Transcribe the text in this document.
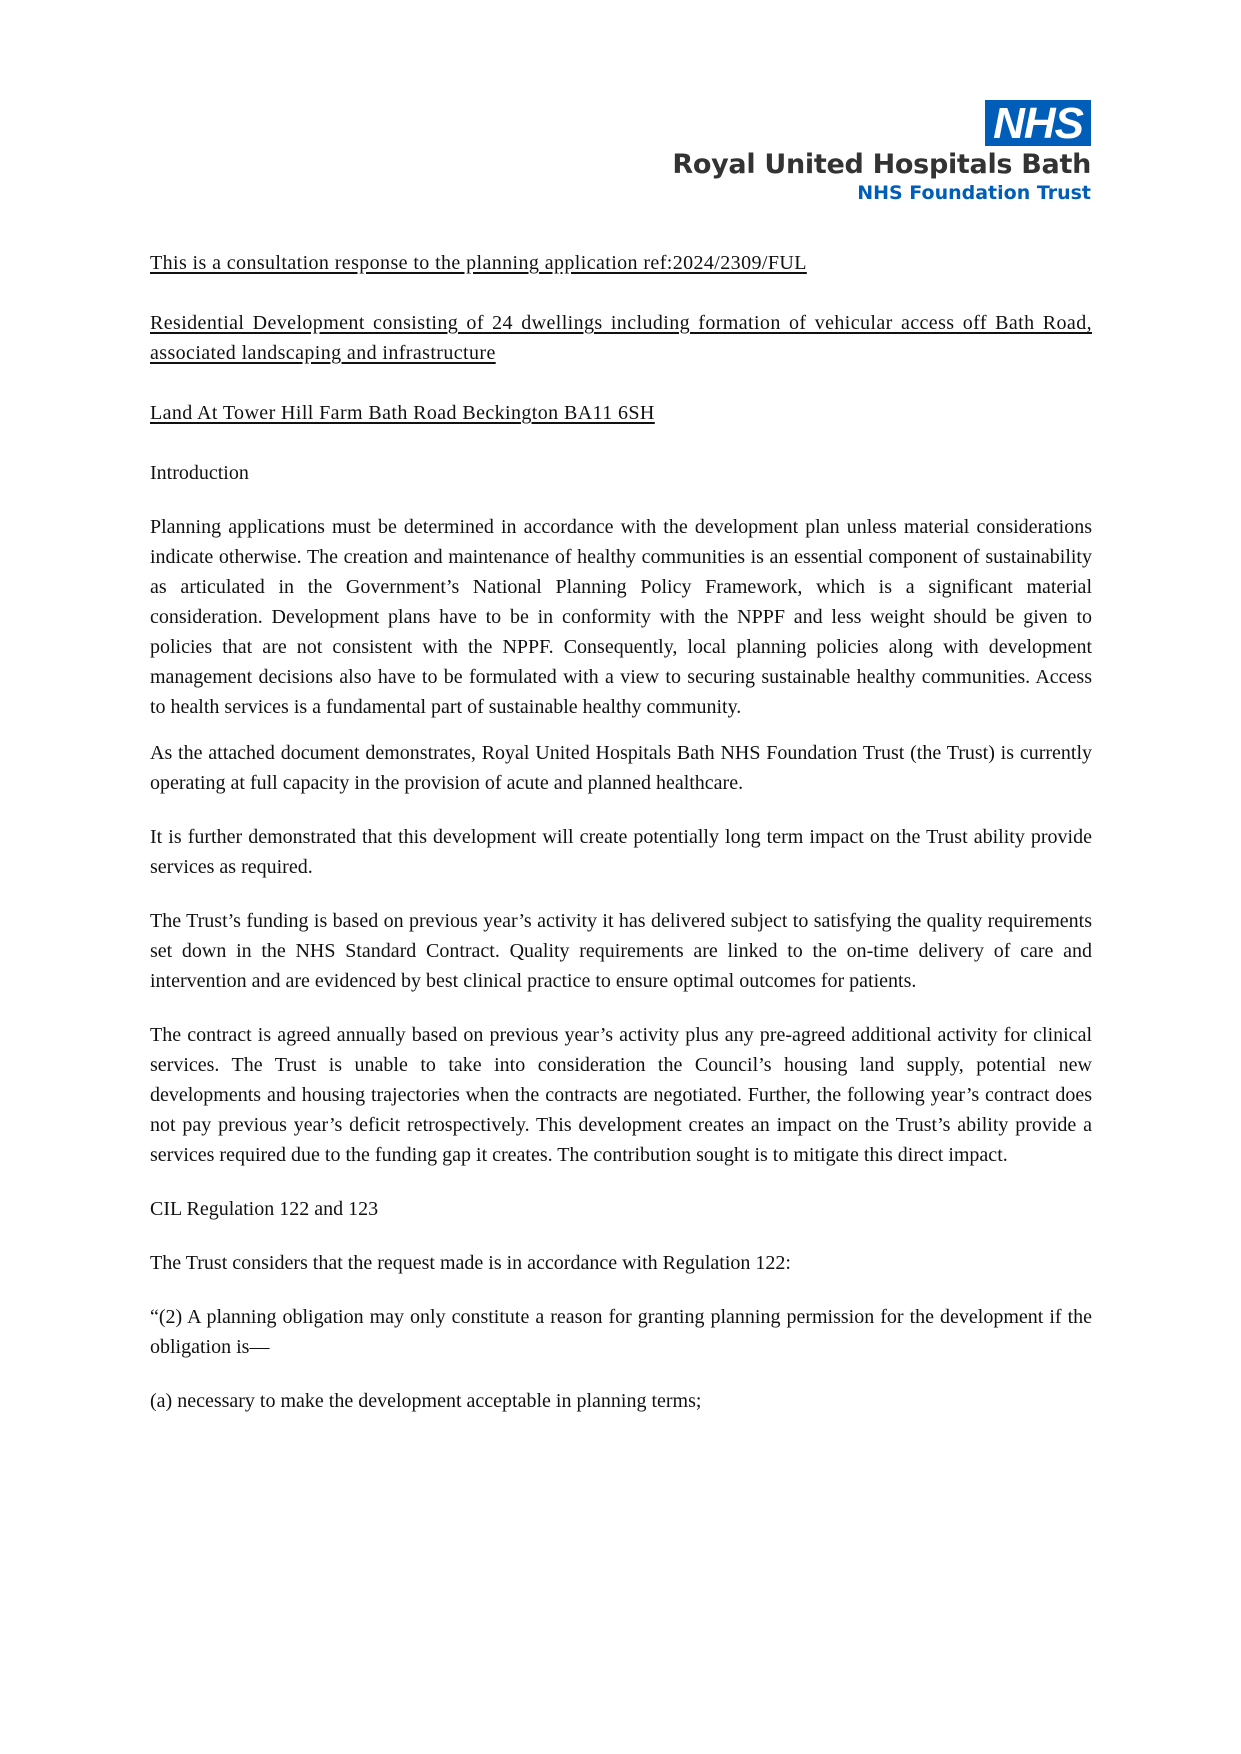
NHS
Royal United Hospitals Bath
NHS Foundation Trust

This is a consultation response to the planning application ref:2024/2309/FUL

Residential Development consisting of 24 dwellings including formation of vehicular access off Bath Road, associated landscaping and infrastructure

Land At Tower Hill Farm Bath Road Beckington BA11 6SH

Introduction

Planning applications must be determined in accordance with the development plan unless material considerations indicate otherwise. The creation and maintenance of healthy communities is an essential component of sustainability as articulated in the Government’s National Planning Policy Framework, which is a significant material consideration. Development plans have to be in conformity with the NPPF and less weight should be given to policies that are not consistent with the NPPF. Consequently, local planning policies along with development management decisions also have to be formulated with a view to securing sustainable healthy communities. Access to health services is a fundamental part of sustainable healthy community.

As the attached document demonstrates, Royal United Hospitals Bath NHS Foundation Trust (the Trust) is currently operating at full capacity in the provision of acute and planned healthcare.

It is further demonstrated that this development will create potentially long term impact on the Trust ability provide services as required.

The Trust’s funding is based on previous year’s activity it has delivered subject to satisfying the quality requirements set down in the NHS Standard Contract. Quality requirements are linked to the on-time delivery of care and intervention and are evidenced by best clinical practice to ensure optimal outcomes for patients.

The contract is agreed annually based on previous year’s activity plus any pre-agreed additional activity for clinical services. The Trust is unable to take into consideration the Council’s housing land supply, potential new developments and housing trajectories when the contracts are negotiated. Further, the following year’s contract does not pay previous year’s deficit retrospectively. This development creates an impact on the Trust’s ability provide a services required due to the funding gap it creates. The contribution sought is to mitigate this direct impact.

CIL Regulation 122 and 123

The Trust considers that the request made is in accordance with Regulation 122:

“(2) A planning obligation may only constitute a reason for granting planning permission for the development if the obligation is—

(a) necessary to make the development acceptable in planning terms;
